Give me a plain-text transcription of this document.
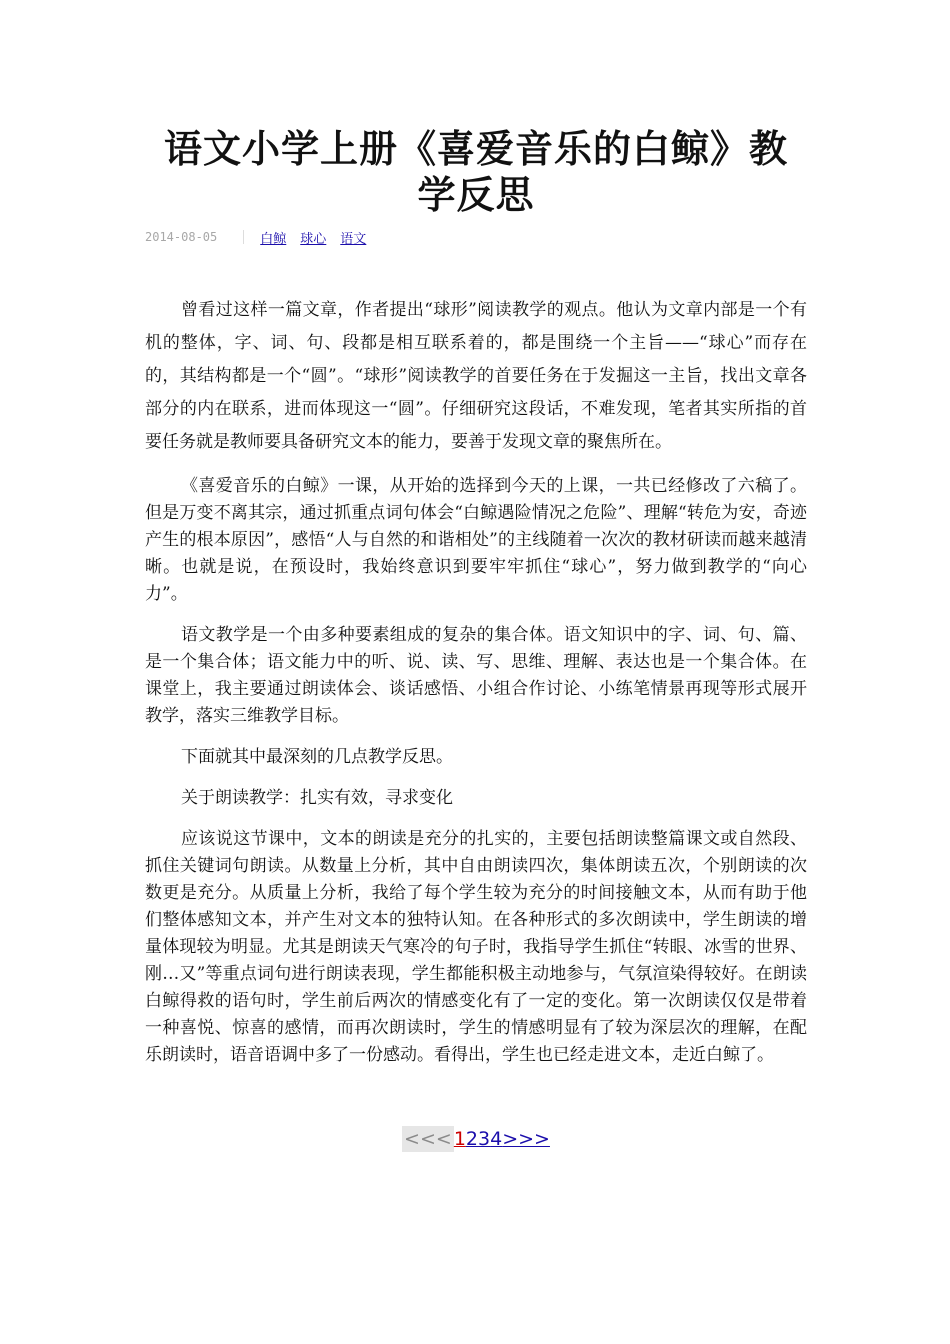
语文小学上册《喜爱音乐的白鲸》教学反思
2014-08-05	白鲸 球心 语文

曾看过这样一篇文章，作者提出“球形”阅读教学的观点。他认为文章内部是一个有机的整体，字、词、句、段都是相互联系着的，都是围绕一个主旨——“球心”而存在的，其结构都是一个“圆”。“球形”阅读教学的首要任务在于发掘这一主旨，找出文章各部分的内在联系，进而体现这一“圆”。仔细研究这段话，不难发现，笔者其实所指的首要任务就是教师要具备研究文本的能力，要善于发现文章的聚焦所在。

《喜爱音乐的白鲸》一课，从开始的选择到今天的上课，一共已经修改了六稿了。但是万变不离其宗，通过抓重点词句体会“白鲸遇险情况之危险”、理解“转危为安，奇迹产生的根本原因”，感悟“人与自然的和谐相处”的主线随着一次次的教材研读而越来越清晰。也就是说，在预设时，我始终意识到要牢牢抓住“球心”，努力做到教学的“向心力”。

语文教学是一个由多种要素组成的复杂的集合体。语文知识中的字、词、句、篇、是一个集合体；语文能力中的听、说、读、写、思维、理解、表达也是一个集合体。在课堂上，我主要通过朗读体会、谈话感悟、小组合作讨论、小练笔情景再现等形式展开教学，落实三维教学目标。

下面就其中最深刻的几点教学反思。

关于朗读教学：扎实有效，寻求变化

应该说这节课中，文本的朗读是充分的扎实的，主要包括朗读整篇课文或自然段、抓住关键词句朗读。从数量上分析，其中自由朗读四次，集体朗读五次，个别朗读的次数更是充分。从质量上分析，我给了每个学生较为充分的时间接触文本，从而有助于他们整体感知文本，并产生对文本的独特认知。在各种形式的多次朗读中，学生朗读的增量体现较为明显。尤其是朗读天气寒冷的句子时，我指导学生抓住“转眼、冰雪的世界、刚…又”等重点词句进行朗读表现，学生都能积极主动地参与，气氛渲染得较好。在朗读白鲸得救的语句时，学生前后两次的情感变化有了一定的变化。第一次朗读仅仅是带着一种喜悦、惊喜的感情，而再次朗读时，学生的情感明显有了较为深层次的理解，在配乐朗读时，语音语调中多了一份感动。看得出，学生也已经走进文本，走近白鲸了。

<<< 1234>>>
